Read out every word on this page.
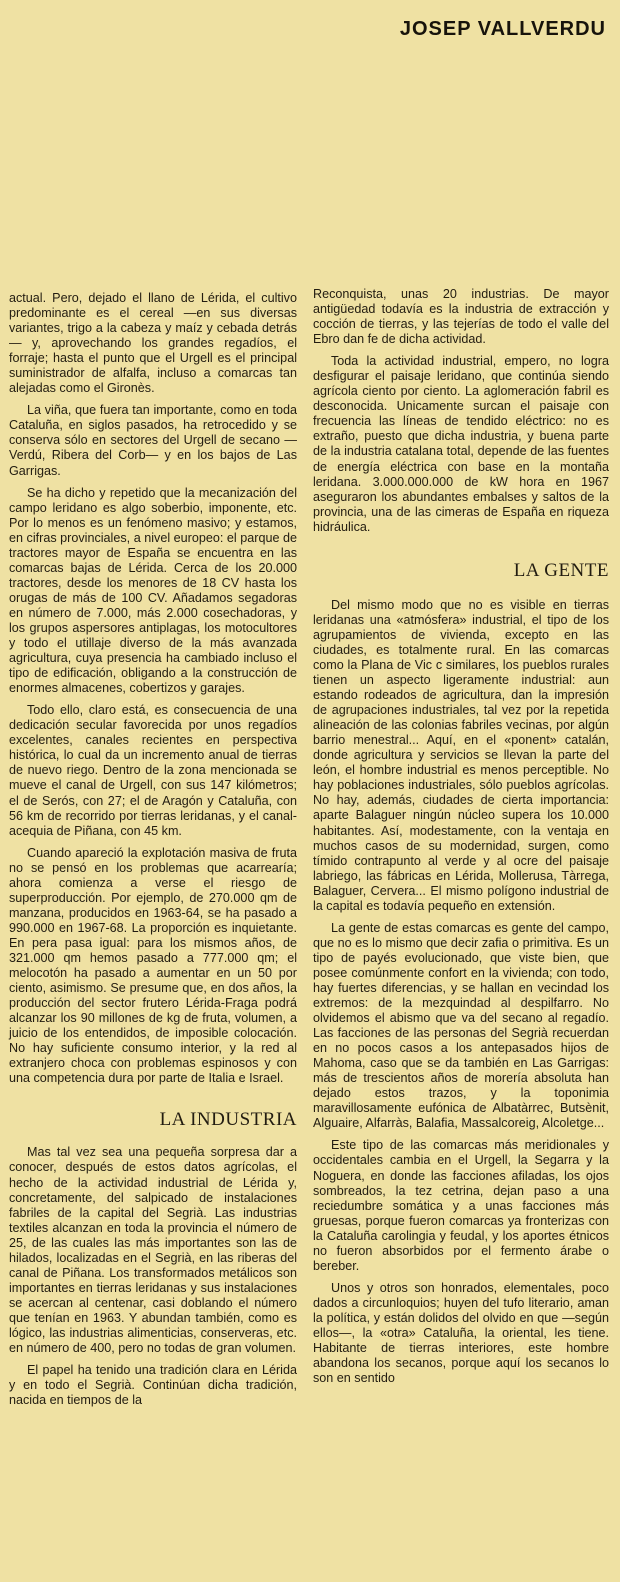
JOSEP VALLVERDU

actual. Pero, dejado el llano de Lérida, el cultivo predominante es el cereal —en sus diversas variantes, trigo a la cabeza y maíz y cebada detrás— y, aprovechando los grandes regadíos, el forraje; hasta el punto que el Urgell es el principal suministrador de alfalfa, incluso a comarcas tan alejadas como el Gironès.

La viña, que fuera tan importante, como en toda Cataluña, en siglos pasados, ha retrocedido y se conserva sólo en sectores del Urgell de secano —Verdú, Ribera del Corb— y en los bajos de Las Garrigas.

Se ha dicho y repetido que la mecanización del campo leridano es algo soberbio, imponente, etc. Por lo menos es un fenómeno masivo; y estamos, en cifras provinciales, a nivel europeo: el parque de tractores mayor de España se encuentra en las comarcas bajas de Lérida. Cerca de los 20.000 tractores, desde los menores de 18 CV hasta los orugas de más de 100 CV. Añadamos segadoras en número de 7.000, más 2.000 cosechadoras, y los grupos aspersores antiplagas, los motocultores y todo el utillaje diverso de la más avanzada agricultura, cuya presencia ha cambiado incluso el tipo de edificación, obligando a la construcción de enormes almacenes, cobertizos y garajes.

Todo ello, claro está, es consecuencia de una dedicación secular favorecida por unos regadíos excelentes, canales recientes en perspectiva histórica, lo cual da un incremento anual de tierras de nuevo riego. Dentro de la zona mencionada se mueve el canal de Urgell, con sus 147 kilómetros; el de Serós, con 27; el de Aragón y Cataluña, con 56 km de recorrido por tierras leridanas, y el canal-acequia de Piñana, con 45 km.

Cuando apareció la explotación masiva de fruta no se pensó en los problemas que acarrearía; ahora comienza a verse el riesgo de superproducción. Por ejemplo, de 270.000 qm de manzana, producidos en 1963-64, se ha pasado a 990.000 en 1967-68. La proporción es inquietante. En pera pasa igual: para los mismos años, de 321.000 qm hemos pasado a 777.000 qm; el melocotón ha pasado a aumentar en un 50 por ciento, asimismo. Se presume que, en dos años, la producción del sector frutero Lérida-Fraga podrá alcanzar los 90 millones de kg de fruta, volumen, a juicio de los entendidos, de imposible colocación. No hay suficiente consumo interior, y la red al extranjero choca con problemas espinosos y con una competencia dura por parte de Italia e Israel.

LA INDUSTRIA

Mas tal vez sea una pequeña sorpresa dar a conocer, después de estos datos agrícolas, el hecho de la actividad industrial de Lérida y, concretamente, del salpicado de instalaciones fabriles de la capital del Segrià. Las industrias textiles alcanzan en toda la provincia el número de 25, de las cuales las más importantes son las de hilados, localizadas en el Segrià, en las riberas del canal de Piñana. Los transformados metálicos son importantes en tierras leridanas y sus instalaciones se acercan al centenar, casi doblando el número que tenían en 1963. Y abundan también, como es lógico, las industrias alimenticias, conserveras, etc. en número de 400, pero no todas de gran volumen.

El papel ha tenido una tradición clara en Lérida y en todo el Segrià. Continúan dicha tradición, nacida en tiempos de la

Reconquista, unas 20 industrias. De mayor antigüedad todavía es la industria de extracción y cocción de tierras, y las tejerías de todo el valle del Ebro dan fe de dicha actividad.

Toda la actividad industrial, empero, no logra desfigurar el paisaje leridano, que continúa siendo agrícola ciento por ciento. La aglomeración fabril es desconocida. Unicamente surcan el paisaje con frecuencia las líneas de tendido eléctrico: no es extraño, puesto que dicha industria, y buena parte de la industria catalana total, depende de las fuentes de energía eléctrica con base en la montaña leridana. 3.000.000.000 de kW hora en 1967 aseguraron los abundantes embalses y saltos de la provincia, una de las cimeras de España en riqueza hidráulica.

LA GENTE

Del mismo modo que no es visible en tierras leridanas una «atmósfera» industrial, el tipo de los agrupamientos de vivienda, excepto en las ciudades, es totalmente rural. En las comarcas como la Plana de Vic c similares, los pueblos rurales tienen un aspecto ligeramente industrial: aun estando rodeados de agricultura, dan la impresión de agrupaciones industriales, tal vez por la repetida alineación de las colonias fabriles vecinas, por algún barrio menestral... Aquí, en el «ponent» catalán, donde agricultura y servicios se llevan la parte del león, el hombre industrial es menos perceptible. No hay poblaciones industriales, sólo pueblos agrícolas. No hay, además, ciudades de cierta importancia: aparte Balaguer ningún núcleo supera los 10.000 habitantes. Así, modestamente, con la ventaja en muchos casos de su modernidad, surgen, como tímido contrapunto al verde y al ocre del paisaje labriego, las fábricas en Lérida, Mollerusa, Tàrrega, Balaguer, Cervera... El mismo polígono industrial de la capital es todavía pequeño en extensión.

La gente de estas comarcas es gente del campo, que no es lo mismo que decir zafia o primitiva. Es un tipo de payés evolucionado, que viste bien, que posee comúnmente confort en la vivienda; con todo, hay fuertes diferencias, y se hallan en vecindad los extremos: de la mezquindad al despilfarro. No olvidemos el abismo que va del secano al regadío. Las facciones de las personas del Segrià recuerdan en no pocos casos a los antepasados hijos de Mahoma, caso que se da también en Las Garrigas: más de trescientos años de morería absoluta han dejado estos trazos, y la toponimia maravillosamente eufónica de Albatàrrec, Butsènit, Alguaire, Alfarràs, Balafia, Massalcoreig, Alcoletge...

Este tipo de las comarcas más meridionales y occidentales cambia en el Urgell, la Segarra y la Noguera, en donde las facciones afiladas, los ojos sombreados, la tez cetrina, dejan paso a una reciedumbre somática y a unas facciones más gruesas, porque fueron comarcas ya fronterizas con la Cataluña carolingia y feudal, y los aportes étnicos no fueron absorbidos por el fermento árabe o bereber.

Unos y otros son honrados, elementales, poco dados a circunloquios; huyen del tufo literario, aman la política, y están dolidos del olvido en que —según ellos—, la «otra» Cataluña, la oriental, les tiene. Habitante de tierras interiores, este hombre abandona los secanos, porque aquí los secanos lo son en sentido
